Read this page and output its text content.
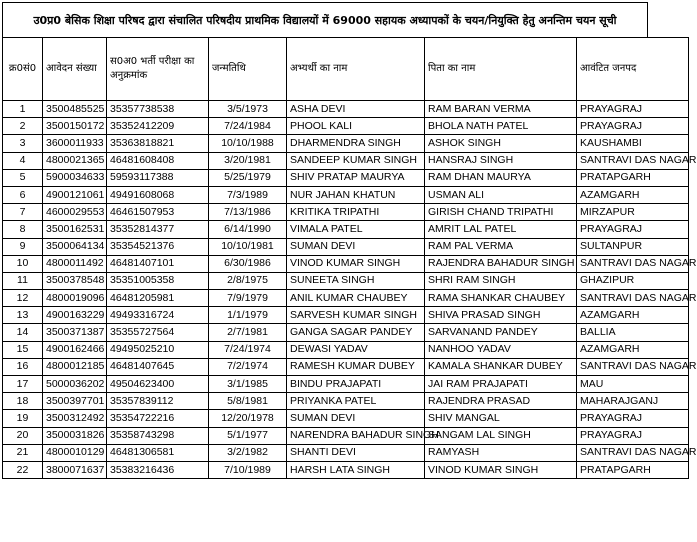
उ0प्र0 बेसिक शिक्षा परिषद द्वारा संचालित परिषदीय प्राथमिक विद्यालयों में 69000 सहायक अध्यापकों के चयन/नियुक्ति हेतु अनन्तिम चयन सूची
क्र0सं0	आवेदन संख्या	स0अ0 भर्ती परीक्षा का अनुक्रमांक	जन्मतिथि	अभ्यर्थी का नाम	पिता का नाम	आवंटित जनपद
1	3500485525	35357738538	3/5/1973	ASHA DEVI	RAM BARAN VERMA	PRAYAGRAJ
2	3500150172	35352412209	7/24/1984	PHOOL KALI	BHOLA NATH PATEL	PRAYAGRAJ
3	3600011933	35363818821	10/10/1988	DHARMENDRA SINGH	ASHOK SINGH	KAUSHAMBI
4	4800021365	46481608408	3/20/1981	SANDEEP KUMAR SINGH	HANSRAJ SINGH	SANTRAVI DAS NAGAR
5	5900034633	59593117388	5/25/1979	SHIV PRATAP MAURYA	RAM DHAN MAURYA	PRATAPGARH
6	4900121061	49491608068	7/3/1989	NUR JAHAN KHATUN	USMAN ALI	AZAMGARH
7	4600029553	46461507953	7/13/1986	KRITIKA TRIPATHI	GIRISH CHAND TRIPATHI	MIRZAPUR
8	3500162531	35352814377	6/14/1990	VIMALA PATEL	AMRIT LAL PATEL	PRAYAGRAJ
9	3500064134	35354521376	10/10/1981	SUMAN DEVI	RAM PAL VERMA	SULTANPUR
10	4800011492	46481407101	6/30/1986	VINOD KUMAR SINGH	RAJENDRA BAHADUR SINGH	SANTRAVI DAS NAGAR
11	3500378548	35351005358	2/8/1975	SUNEETA SINGH	SHRI RAM SINGH	GHAZIPUR
12	4800019096	46481205981	7/9/1979	ANIL KUMAR CHAUBEY	RAMA SHANKAR CHAUBEY	SANTRAVI DAS NAGAR
13	4900163229	49493316724	1/1/1979	SARVESH KUMAR SINGH	SHIVA PRASAD SINGH	AZAMGARH
14	3500371387	35355727564	2/7/1981	GANGA SAGAR PANDEY	SARVANAND PANDEY	BALLIA
15	4900162466	49495025210	7/24/1974	DEWASI YADAV	NANHOO YADAV	AZAMGARH
16	4800012185	46481407645	7/2/1974	RAMESH KUMAR DUBEY	KAMALA SHANKAR DUBEY	SANTRAVI DAS NAGAR
17	5000036202	49504623400	3/1/1985	BINDU PRAJAPATI	JAI RAM PRAJAPATI	MAU
18	3500397701	35357839112	5/8/1981	PRIYANKA PATEL	RAJENDRA PRASAD	MAHARAJGANJ
19	3500312492	35354722216	12/20/1978	SUMAN DEVI	SHIV MANGAL	PRAYAGRAJ
20	3500031826	35358743298	5/1/1977	NARENDRA BAHADUR SINGH	SANGAM LAL SINGH	PRAYAGRAJ
21	4800010129	46481306581	3/2/1982	SHANTI DEVI	RAMYASH	SANTRAVI DAS NAGAR
22	3800071637	35383216436	7/10/1989	HARSH LATA SINGH	VINOD KUMAR SINGH	PRATAPGARH
